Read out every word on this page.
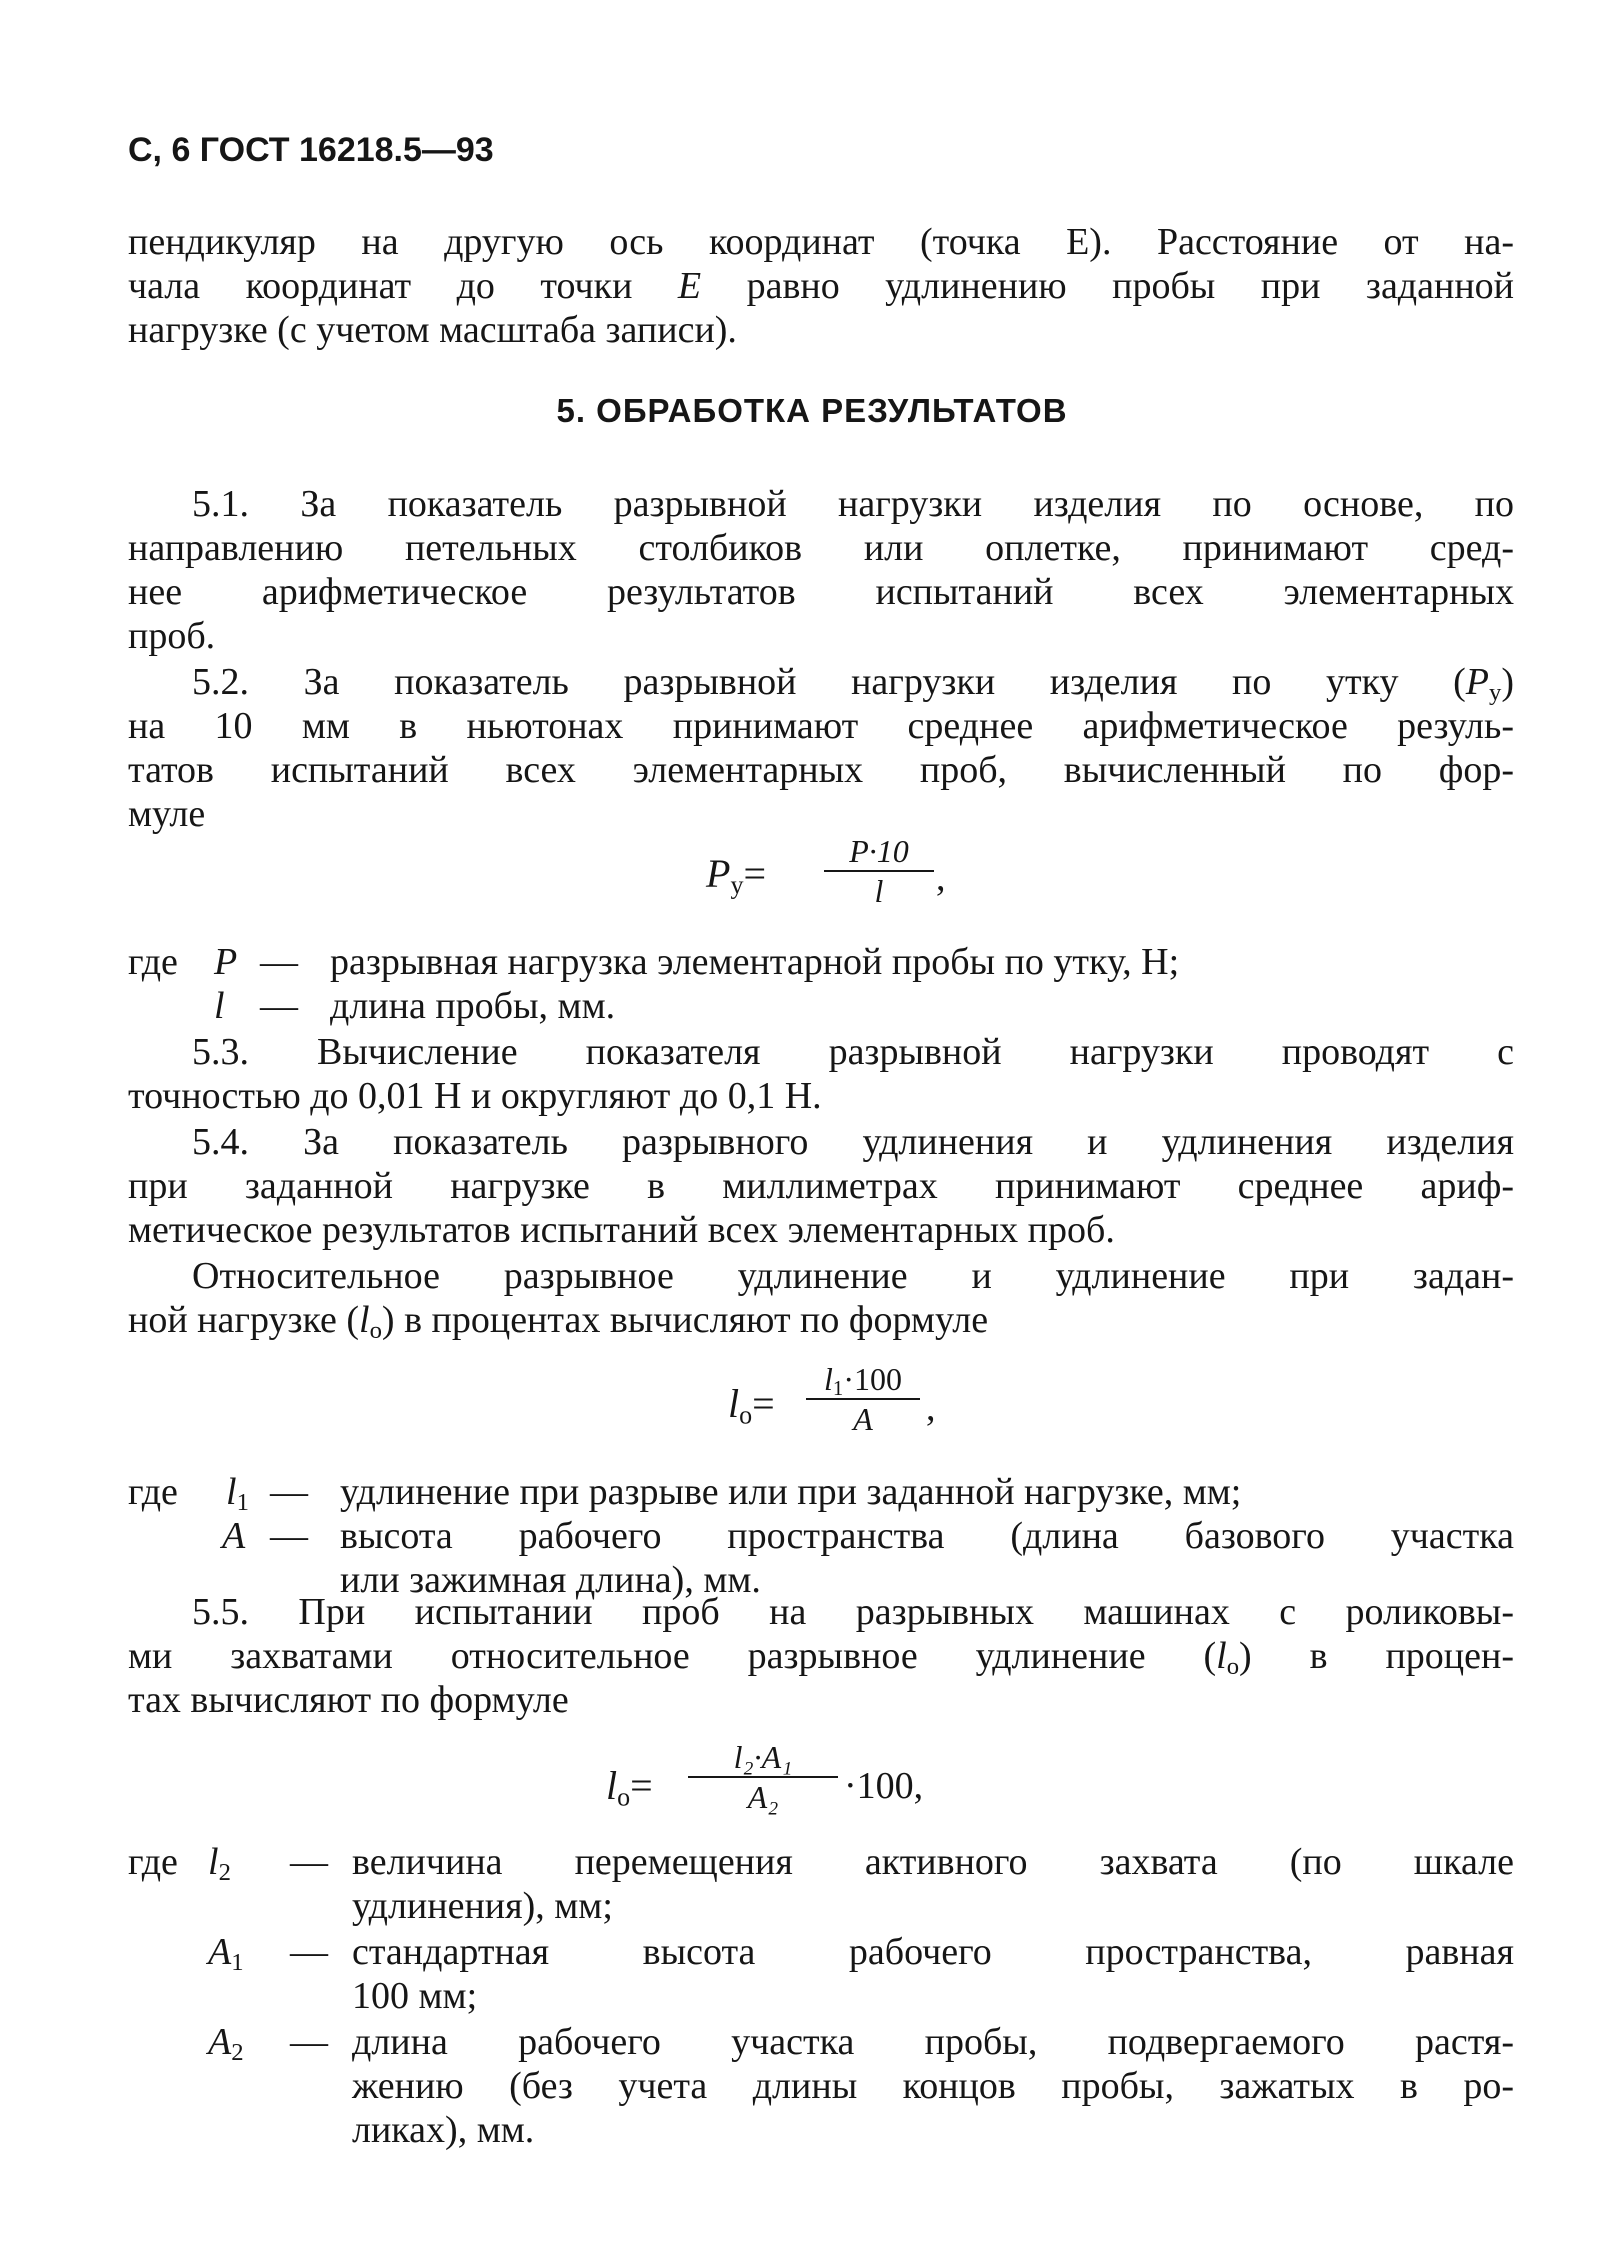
С, 6 ГОСТ 16218.5—93
пендикуляр на другую ось координат (точка Е). Расстояние от на-
чала координат до точки Е равно удлинению пробы при заданной
нагрузке (с учетом масштаба записи).
5. ОБРАБОТКА РЕЗУЛЬТАТОВ
5.1. За показатель разрывной нагрузки изделия по основе, по
направлению петельных столбиков или оплетке, принимают сред-
нее арифметическое результатов испытаний всех элементарных
проб.
5.2. За показатель разрывной нагрузки изделия по утку $(Р_у)$
на 10 мм в ньютонах принимают среднее арифметическое резуль-
татов испытаний всех элементарных проб, вычисленный по фор-
муле
$Р_у=$	Р·10
l	,
где Р — разрывная нагрузка элементарной пробы по утку, Н;
l — длина пробы, мм.
5.3. Вычисление показателя разрывной нагрузки проводят с
точностью до 0,01 Н и округляют до 0,1 Н.
5.4. За показатель разрывного удлинения и удлинения изделия
при заданной нагрузке в миллиметрах принимают среднее ариф-
метическое результатов испытаний всех элементарных проб.
Относительное разрывное удлинение и удлинение при задан-
ной нагрузке $(l_о)$ в процентах вычисляют по формуле
$l_о=$
$l_1\cdot 100$
А	,
где $l_1$ — удлинение при разрыве или при заданной нагрузке, мм;
А — высота рабочего пространства (длина базового участка
или зажимная длина), мм.
5.5. При испытании проб на разрывных машинах с роликовы-
ми захватами относительное разрывное удлинение $(l_о)$ в процен-
тах вычисляют по формуле
$l_о=$
l₂·A₁
A₂	·100,
где $l_2$ — величина перемещения активного захвата (по шкале
удлинения), мм;
$А_1$ — стандартная высота рабочего пространства, равная
100 мм;
$А_2$ — длина рабочего участка пробы, подвергаемого растя-
жению (без учета длины концов пробы, зажатых в ро-
ликах), мм.
